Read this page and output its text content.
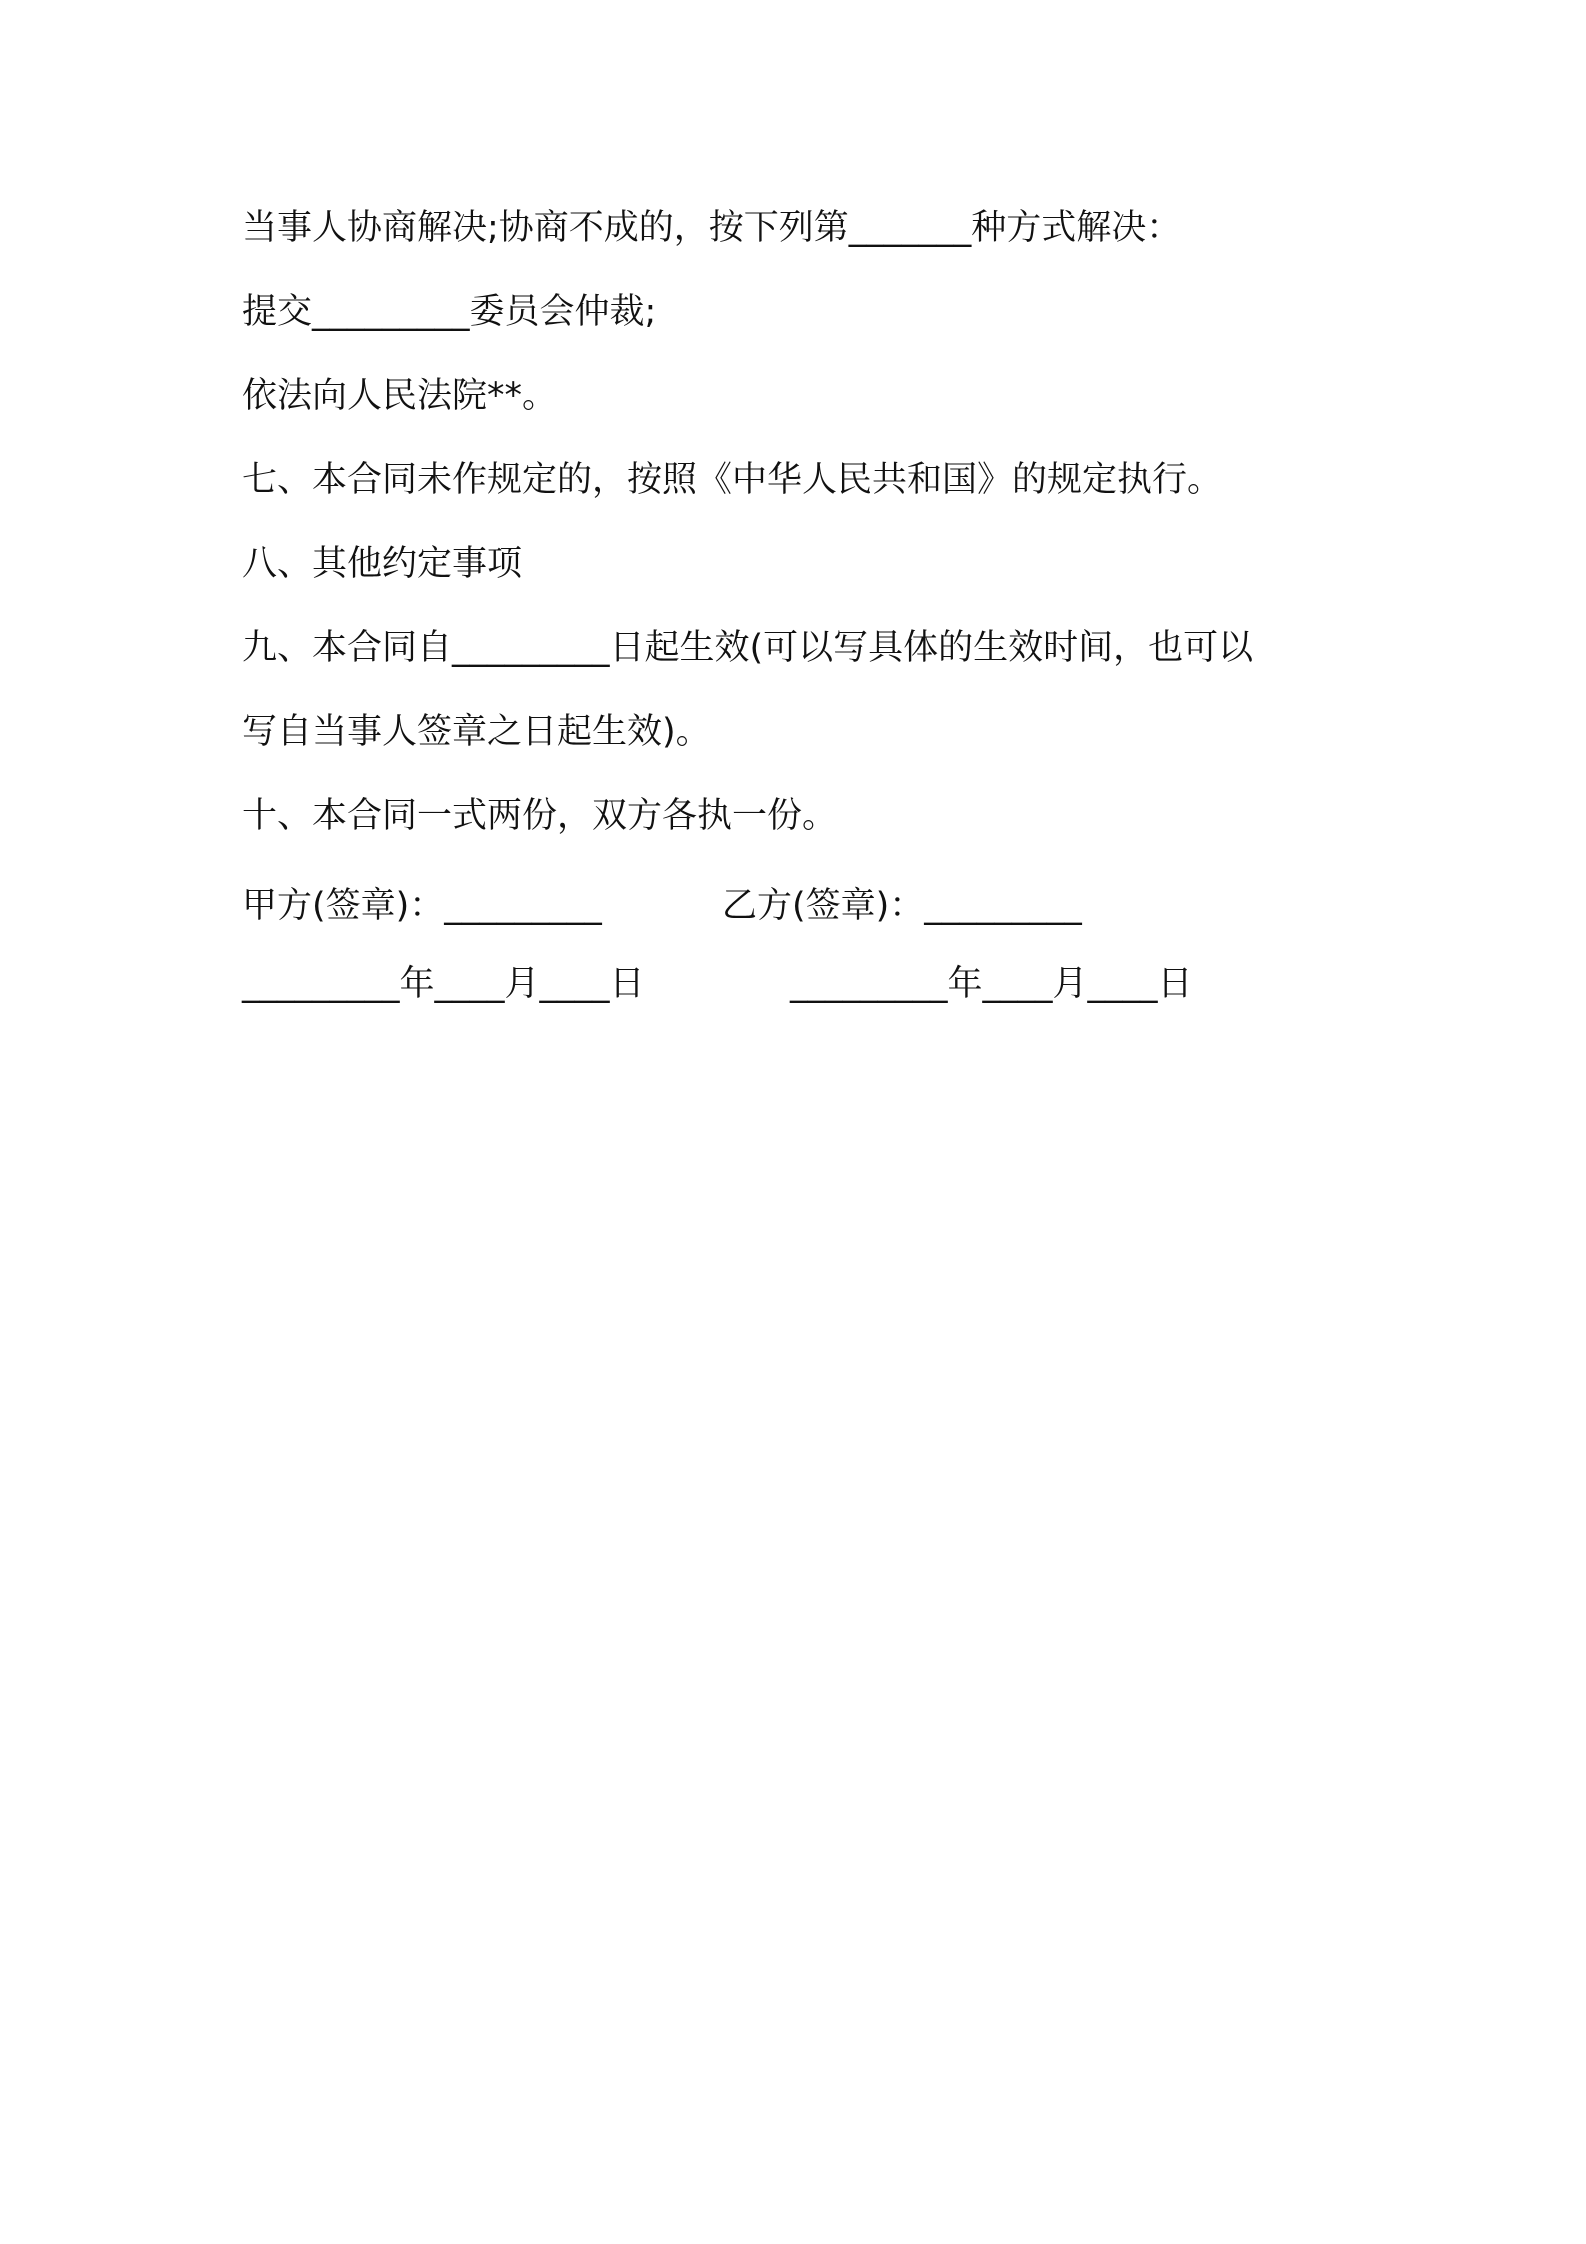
当事人协商解决;协商不成的，按下列第_______种方式解决：
提交_________委员会仲裁;
依法向人民法院**。
七、本合同未作规定的，按照《中华人民共和国》的规定执行。
八、其他约定事项
九、本合同自_________日起生效(可以写具体的生效时间，也可以
写自当事人签章之日起生效)。
十、本合同一式两份，双方各执一份。
甲方(签章)：_________	乙方(签章)：_________
_________年____月____日	_________年____月____日
